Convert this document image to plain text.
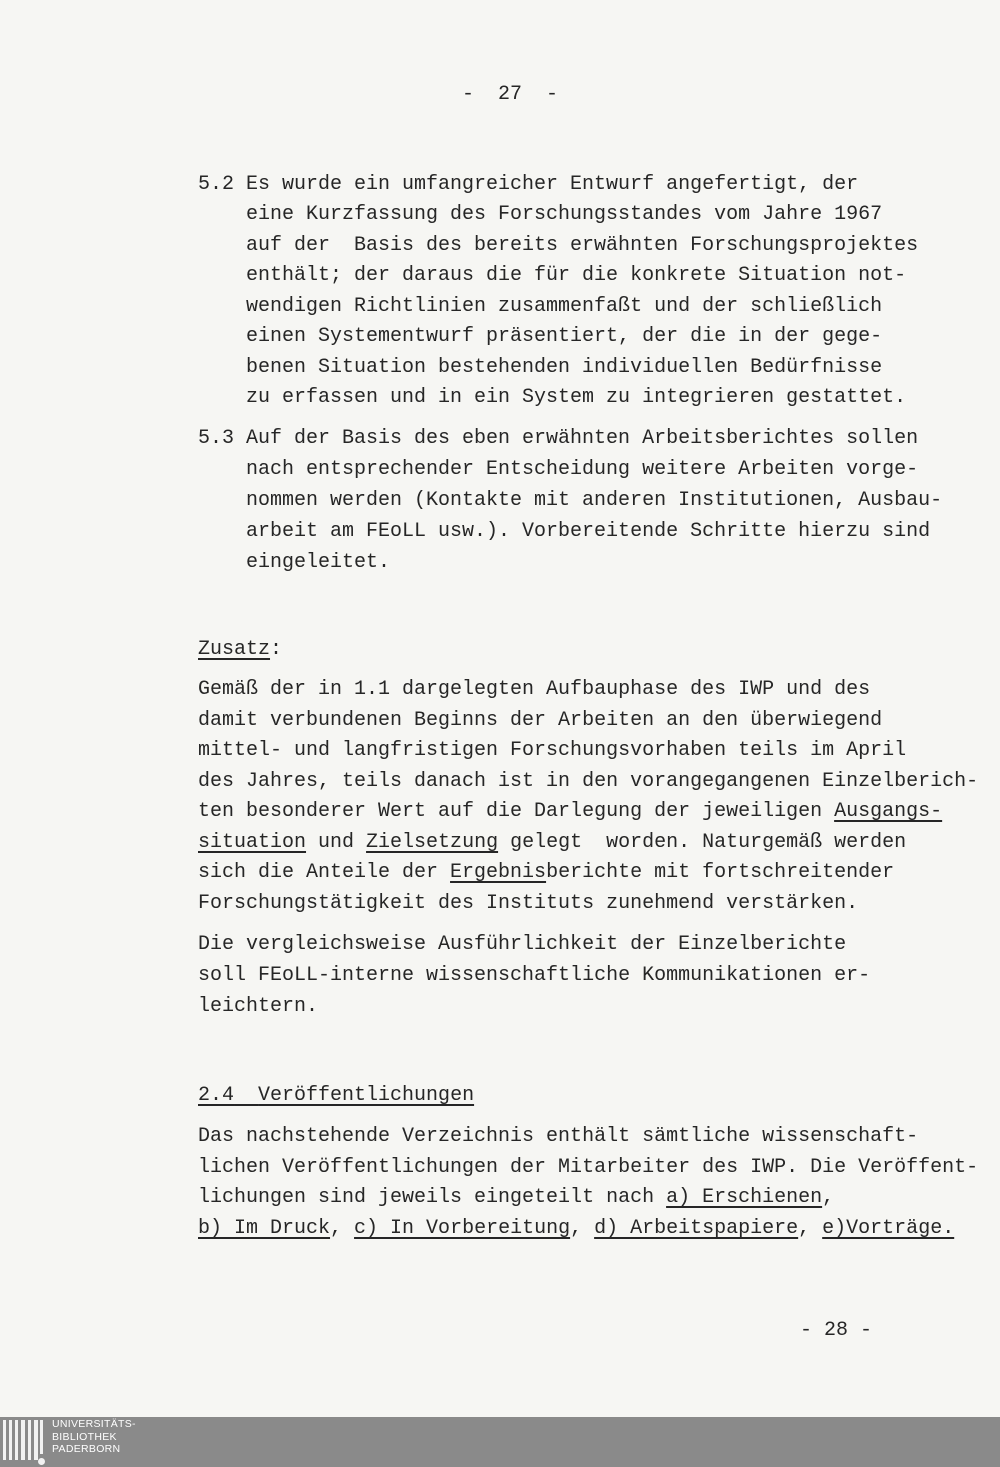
- 27 -
5.2 Es wurde ein umfangreicher Entwurf angefertigt, der
eine Kurzfassung des Forschungsstandes vom Jahre 1967
auf der  Basis des bereits erwähnten Forschungsprojektes
enthält; der daraus die für die konkrete Situation not-
wendigen Richtlinien zusammenfaßt und der schließlich
einen Systementwurf präsentiert, der die in der gege-
benen Situation bestehenden individuellen Bedürfnisse
zu erfassen und in ein System zu integrieren gestattet.
5.3 Auf der Basis des eben erwähnten Arbeitsberichtes sollen
nach entsprechender Entscheidung weitere Arbeiten vorge-
nommen werden (Kontakte mit anderen Institutionen, Ausbau-
arbeit am FEoLL usw.). Vorbereitende Schritte hierzu sind
eingeleitet.
Zusatz:
Gemäß der in 1.1 dargelegten Aufbauphase des IWP und des
damit verbundenen Beginns der Arbeiten an den überwiegend
mittel- und langfristigen Forschungsvorhaben teils im April
des Jahres, teils danach ist in den vorangegangenen Einzelberich-
ten besonderer Wert auf die Darlegung der jeweiligen Ausgangs-
situation und Zielsetzung gelegt  worden. Naturgemäß werden
sich die Anteile der Ergebnisberichte mit fortschreitender
Forschungstätigkeit des Instituts zunehmend verstärken.
Die vergleichsweise Ausführlichkeit der Einzelberichte
soll FEoLL-interne wissenschaftliche Kommunikationen er-
leichtern.
2.4 Veröffentlichungen
Das nachstehende Verzeichnis enthält sämtliche wissenschaft-
lichen Veröffentlichungen der Mitarbeiter des IWP. Die Veröffent-
lichungen sind jeweils eingeteilt nach a) Erschienen,
b) Im Druck, c) In Vorbereitung, d) Arbeitspapiere, e)Vorträge.
- 28 -
UNIVERSITÄTS-
BIBLIOTHEK
PADERBORN
